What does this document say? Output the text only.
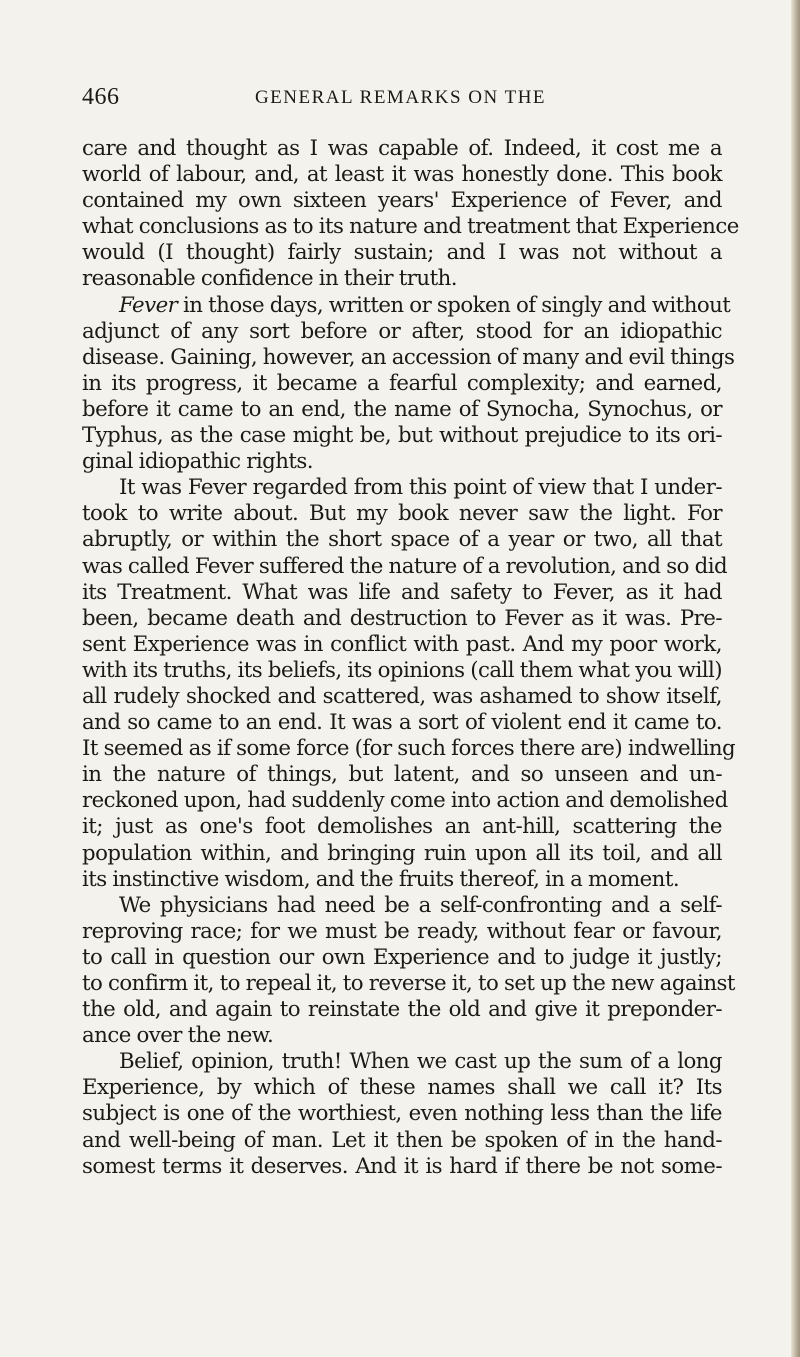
466	GENERAL REMARKS ON THE
care and thought as I was capable of. Indeed, it cost me a
world of labour, and, at least it was honestly done. This book
contained my own sixteen years' Experience of Fever, and
what conclusions as to its nature and treatment that Experience
would (I thought) fairly sustain; and I was not without a
reasonable confidence in their truth.
Fever in those days, written or spoken of singly and without
adjunct of any sort before or after, stood for an idiopathic
disease. Gaining, however, an accession of many and evil things
in its progress, it became a fearful complexity; and earned,
before it came to an end, the name of Synocha, Synochus, or
Typhus, as the case might be, but without prejudice to its ori-
ginal idiopathic rights.
It was Fever regarded from this point of view that I under-
took to write about. But my book never saw the light. For
abruptly, or within the short space of a year or two, all that
was called Fever suffered the nature of a revolution, and so did
its Treatment. What was life and safety to Fever, as it had
been, became death and destruction to Fever as it was. Pre-
sent Experience was in conflict with past. And my poor work,
with its truths, its beliefs, its opinions (call them what you will)
all rudely shocked and scattered, was ashamed to show itself,
and so came to an end. It was a sort of violent end it came to.
It seemed as if some force (for such forces there are) indwelling
in the nature of things, but latent, and so unseen and un-
reckoned upon, had suddenly come into action and demolished
it; just as one's foot demolishes an ant-hill, scattering the
population within, and bringing ruin upon all its toil, and all
its instinctive wisdom, and the fruits thereof, in a moment.
We physicians had need be a self-confronting and a self-
reproving race; for we must be ready, without fear or favour,
to call in question our own Experience and to judge it justly;
to confirm it, to repeal it, to reverse it, to set up the new against
the old, and again to reinstate the old and give it preponder-
ance over the new.
Belief, opinion, truth! When we cast up the sum of a long
Experience, by which of these names shall we call it? Its
subject is one of the worthiest, even nothing less than the life
and well-being of man. Let it then be spoken of in the hand-
somest terms it deserves. And it is hard if there be not some-
